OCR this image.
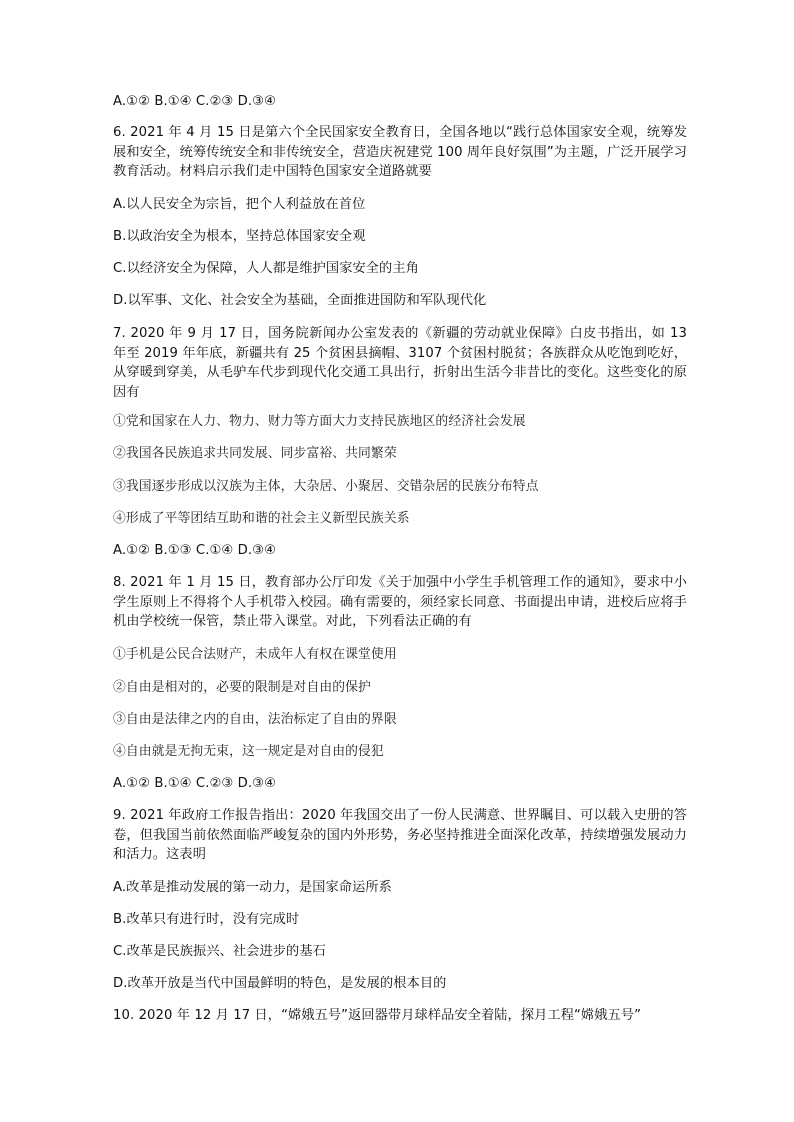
A.①② B.①④ C.②③ D.③④
6. 2021 年 4 月 15 日是第六个全民国家安全教育日，全国各地以“践行总体国家安全观，统筹发展和安全，统筹传统安全和非传统安全，营造庆祝建党 100 周年良好氛围”为主题，广泛开展学习教育活动。材料启示我们走中国特色国家安全道路就要
A.以人民安全为宗旨，把个人利益放在首位
B.以政治安全为根本，坚持总体国家安全观
C.以经济安全为保障，人人都是维护国家安全的主角
D.以军事、文化、社会安全为基础，全面推进国防和军队现代化
7. 2020 年 9 月 17 日，国务院新闻办公室发表的《新疆的劳动就业保障》白皮书指出，如 13 年至 2019 年年底，新疆共有 25 个贫困县摘帽、3107 个贫困村脱贫；各族群众从吃饱到吃好，从穿暖到穿美，从毛驴车代步到现代化交通工具出行，折射出生活今非昔比的变化。这些变化的原因有
①党和国家在人力、物力、财力等方面大力支持民族地区的经济社会发展
②我国各民族追求共同发展、同步富裕、共同繁荣
③我国逐步形成以汉族为主体，大杂居、小聚居、交错杂居的民族分布特点
④形成了平等团结互助和谐的社会主义新型民族关系
A.①② B.①③ C.①④ D.③④
8. 2021 年 1 月 15 日，教育部办公厅印发《关于加强中小学生手机管理工作的通知》，要求中小学生原则上不得将个人手机带入校园。确有需要的，须经家长同意、书面提出申请，进校后应将手机由学校统一保管，禁止带入课堂。对此，下列看法正确的有
①手机是公民合法财产，未成年人有权在课堂使用
②自由是相对的，必要的限制是对自由的保护
③自由是法律之内的自由，法治标定了自由的界限
④自由就是无拘无束，这一规定是对自由的侵犯
A.①② B.①④ C.②③ D.③④
9. 2021 年政府工作报告指出：2020 年我国交出了一份人民满意、世界瞩目、可以载入史册的答卷，但我国当前依然面临严峻复杂的国内外形势，务必坚持推进全面深化改革，持续增强发展动力和活力。这表明
A.改革是推动发展的第一动力，是国家命运所系
B.改革只有进行时，没有完成时
C.改革是民族振兴、社会进步的基石
D.改革开放是当代中国最鲜明的特色，是发展的根本目的
10. 2020 年 12 月 17 日，“嫦娥五号”返回器带月球样品安全着陆，探月工程“嫦娥五号”
